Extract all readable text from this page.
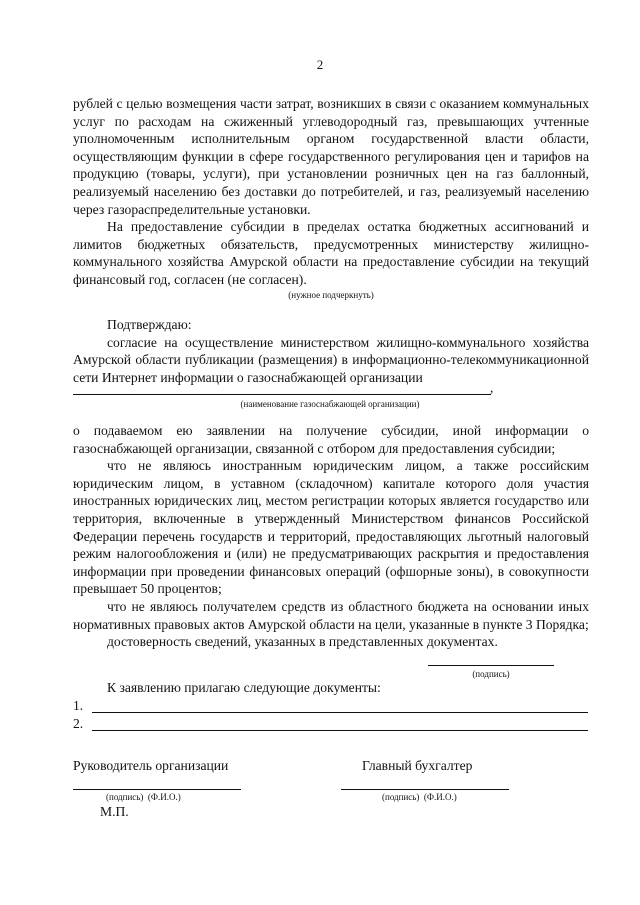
2

рублей с целью возмещения части затрат, возникших в связи с оказанием коммунальных услуг по расходам на сжиженный углеводородный газ, превышающих учтенные уполномоченным исполнительным органом государственной власти области, осуществляющим функции в сфере государственного регулирования цен и тарифов на продукцию (товары, услуги), при установлении розничных цен на газ баллонный, реализуемый населению без доставки до потребителей, и газ, реализуемый населению через газораспределительные установки.

На предоставление субсидии в пределах остатка бюджетных ассигнований и лимитов бюджетных обязательств, предусмотренных министерству жилищно-коммунального хозяйства Амурской области на предоставление субсидии на текущий финансовый год, согласен (не согласен).

(нужное подчеркнуть)

Подтверждаю:

согласие на осуществление министерством жилищно-коммунального хозяйства Амурской области публикации (размещения) в информационно-телекоммуникационной сети Интернет информации о газоснабжающей организации

,
(наименование газоснабжающей организации)

о подаваемом ею заявлении на получение субсидии, иной информации о газоснабжающей организации, связанной с отбором для предоставления субсидии;

что не являюсь иностранным юридическим лицом, а также российским юридическим лицом, в уставном (складочном) капитале которого доля участия иностранных юридических лиц, местом регистрации которых является государство или территория, включенные в утвержденный Министерством финансов Российской Федерации перечень государств и территорий, предоставляющих льготный налоговый режим налогообложения и (или) не предусматривающих раскрытия и предоставления информации при проведении финансовых операций (офшорные зоны), в совокупности превышает 50 процентов;

что не являюсь получателем средств из областного бюджета на основании иных нормативных правовых актов Амурской области на цели, указанные в пункте 3 Порядка;

достоверность сведений, указанных в представленных документах.

(подпись)
К заявлению прилагаю следующие документы:
1.
2.
Руководитель организации	Главный бухгалтер
(подпись)  (Ф.И.О.)	(подпись)  (Ф.И.О.)
М.П.
